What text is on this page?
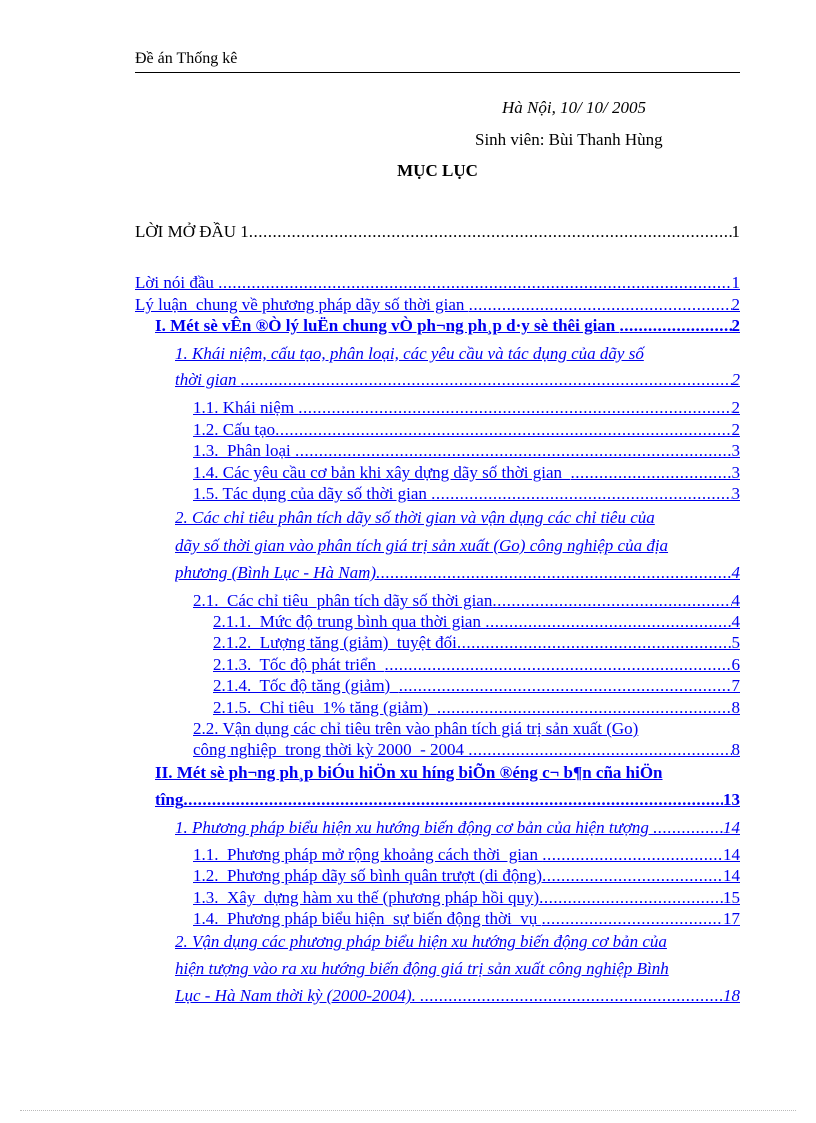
Đề án Thống kê
Hà Nội, 10/ 10/ 2005
Sinh viên: Bùi Thanh Hùng
MỤC LỤC
LỜI MỞ ĐẦU 1 .....	1
Lời nói đầu .....	1
Lý luận  chung về phương pháp dãy số thời gian .....	2
I. Mét sè vÊn ®Ò lý luËn chung vÒ ph¬ng ph¸p d·y sè thêi gian .....	2
1. Khái niệm, cấu tạo, phân loại, các yêu cầu và tác dụng của dãy số
thời gian .....	2
1.1. Khái niệm .....	2
1.2. Cấu tạo .....	2
1.3.  Phân loại .....	3
1.4. Các yêu cầu cơ bản khi xây dựng dãy số thời gian .....	3
1.5. Tác dụng của dãy số thời gian .....	3
2. Các chỉ tiêu phân tích dãy số thời gian và vận dụng các chỉ tiêu của
dãy số thời gian vào phân tích giá trị sản xuất (Go) công nghiệp của địa
phương (Bình Lục - Hà Nam) .....	4
2.1.  Các chỉ tiêu  phân tích dãy số thời gian .....	4
2.1.1.  Mức độ trung bình qua thời gian .....	4
2.1.2.  Lượng tăng (giảm)  tuyệt đối .....	5
2.1.3.  Tốc độ phát triển .....	6
2.1.4.  Tốc độ tăng (giảm) .....	7
2.1.5.  Chỉ tiêu  1% tăng (giảm) .....	8
2.2. Vận dụng các chỉ tiêu trên vào phân tích giá trị sản xuất (Go)
công nghiệp  trong thời kỳ 2000  - 2004 .....	8
II. Mét sè ph¬ng ph¸p biÓu hiÖn xu híng biÕn ®éng c¬ b¶n cña hiÖn
tîng .....	13
1. Phương pháp biểu hiện xu hướng biến động cơ bản của hiện tượng .....	14
1.1.  Phương pháp mở rộng khoảng cách thời  gian .....	14
1.2.  Phương pháp dãy số bình quân trượt (di động) .....	14
1.3.  Xây  dựng hàm xu thế (phương pháp hồi quy) .....	15
1.4.  Phương pháp biểu hiện  sự biến động thời  vụ .....	17
2. Vận dụng các phương pháp biểu hiện xu hướng biến động cơ bản của
hiện tượng vào ra xu hướng biến động giá trị sản xuất công nghiệp Bình
Lục - Hà Nam thời kỳ (2000-2004). .....	18
